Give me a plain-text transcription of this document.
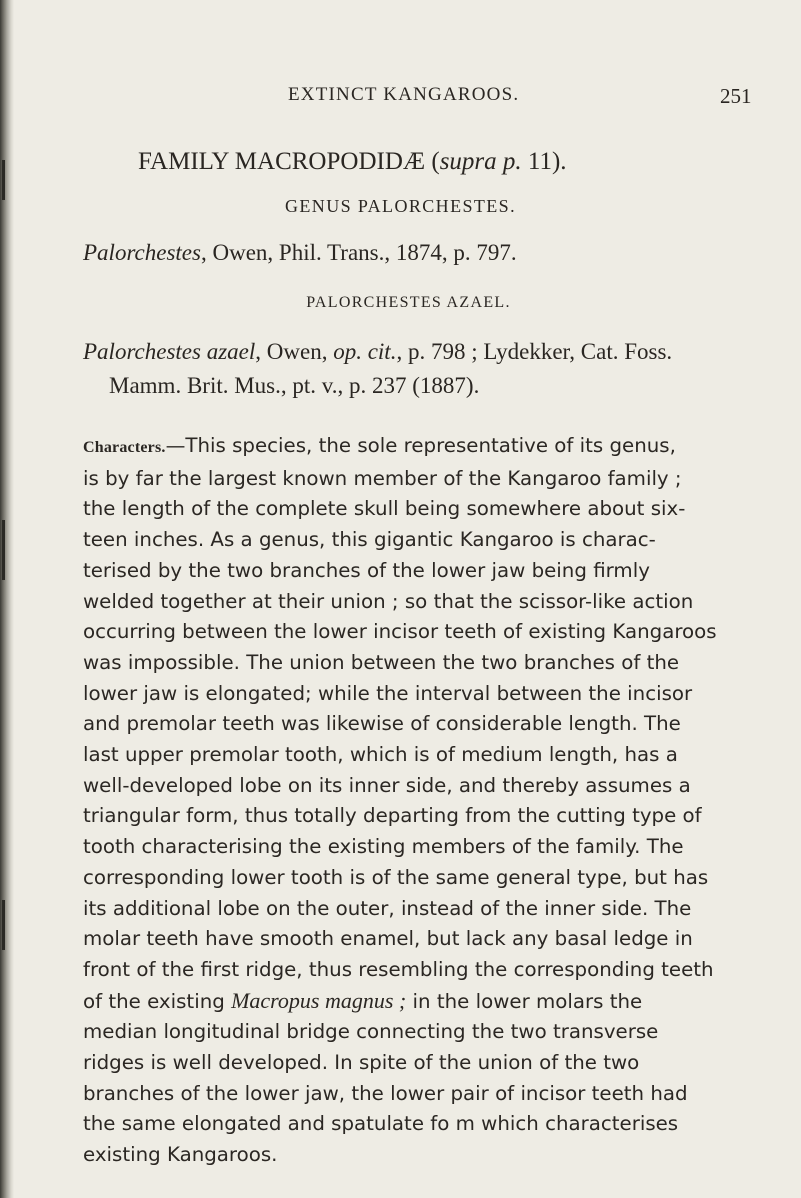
EXTINCT KANGAROOS.	251
FAMILY MACROPODIDÆ (supra p. 11).
GENUS PALORCHESTES.
Palorchestes, Owen, Phil. Trans., 1874, p. 797.
PALORCHESTES AZAEL.
Palorchestes azael, Owen, op. cit., p. 798 ; Lydekker, Cat. Foss.
Mamm. Brit. Mus., pt. v., p. 237 (1887).
Characters.—This species, the sole representative of its genus,
is by far the largest known member of the Kangaroo family ;
the length of the complete skull being somewhere about six-
teen inches. As a genus, this gigantic Kangaroo is charac-
terised by the two branches of the lower jaw being firmly
welded together at their union ; so that the scissor-like action
occurring between the lower incisor teeth of existing Kangaroos
was impossible. The union between the two branches of the
lower jaw is elongated; while the interval between the incisor
and premolar teeth was likewise of considerable length. The
last upper premolar tooth, which is of medium length, has a
well-developed lobe on its inner side, and thereby assumes a
triangular form, thus totally departing from the cutting type of
tooth characterising the existing members of the family. The
corresponding lower tooth is of the same general type, but has
its additional lobe on the outer, instead of the inner side. The
molar teeth have smooth enamel, but lack any basal ledge in
front of the first ridge, thus resembling the corresponding teeth
of the existing Macropus magnus ; in the lower molars the
median longitudinal bridge connecting the two transverse
ridges is well developed. In spite of the union of the two
branches of the lower jaw, the lower pair of incisor teeth had
the same elongated and spatulate fo m which characterises
existing Kangaroos.
